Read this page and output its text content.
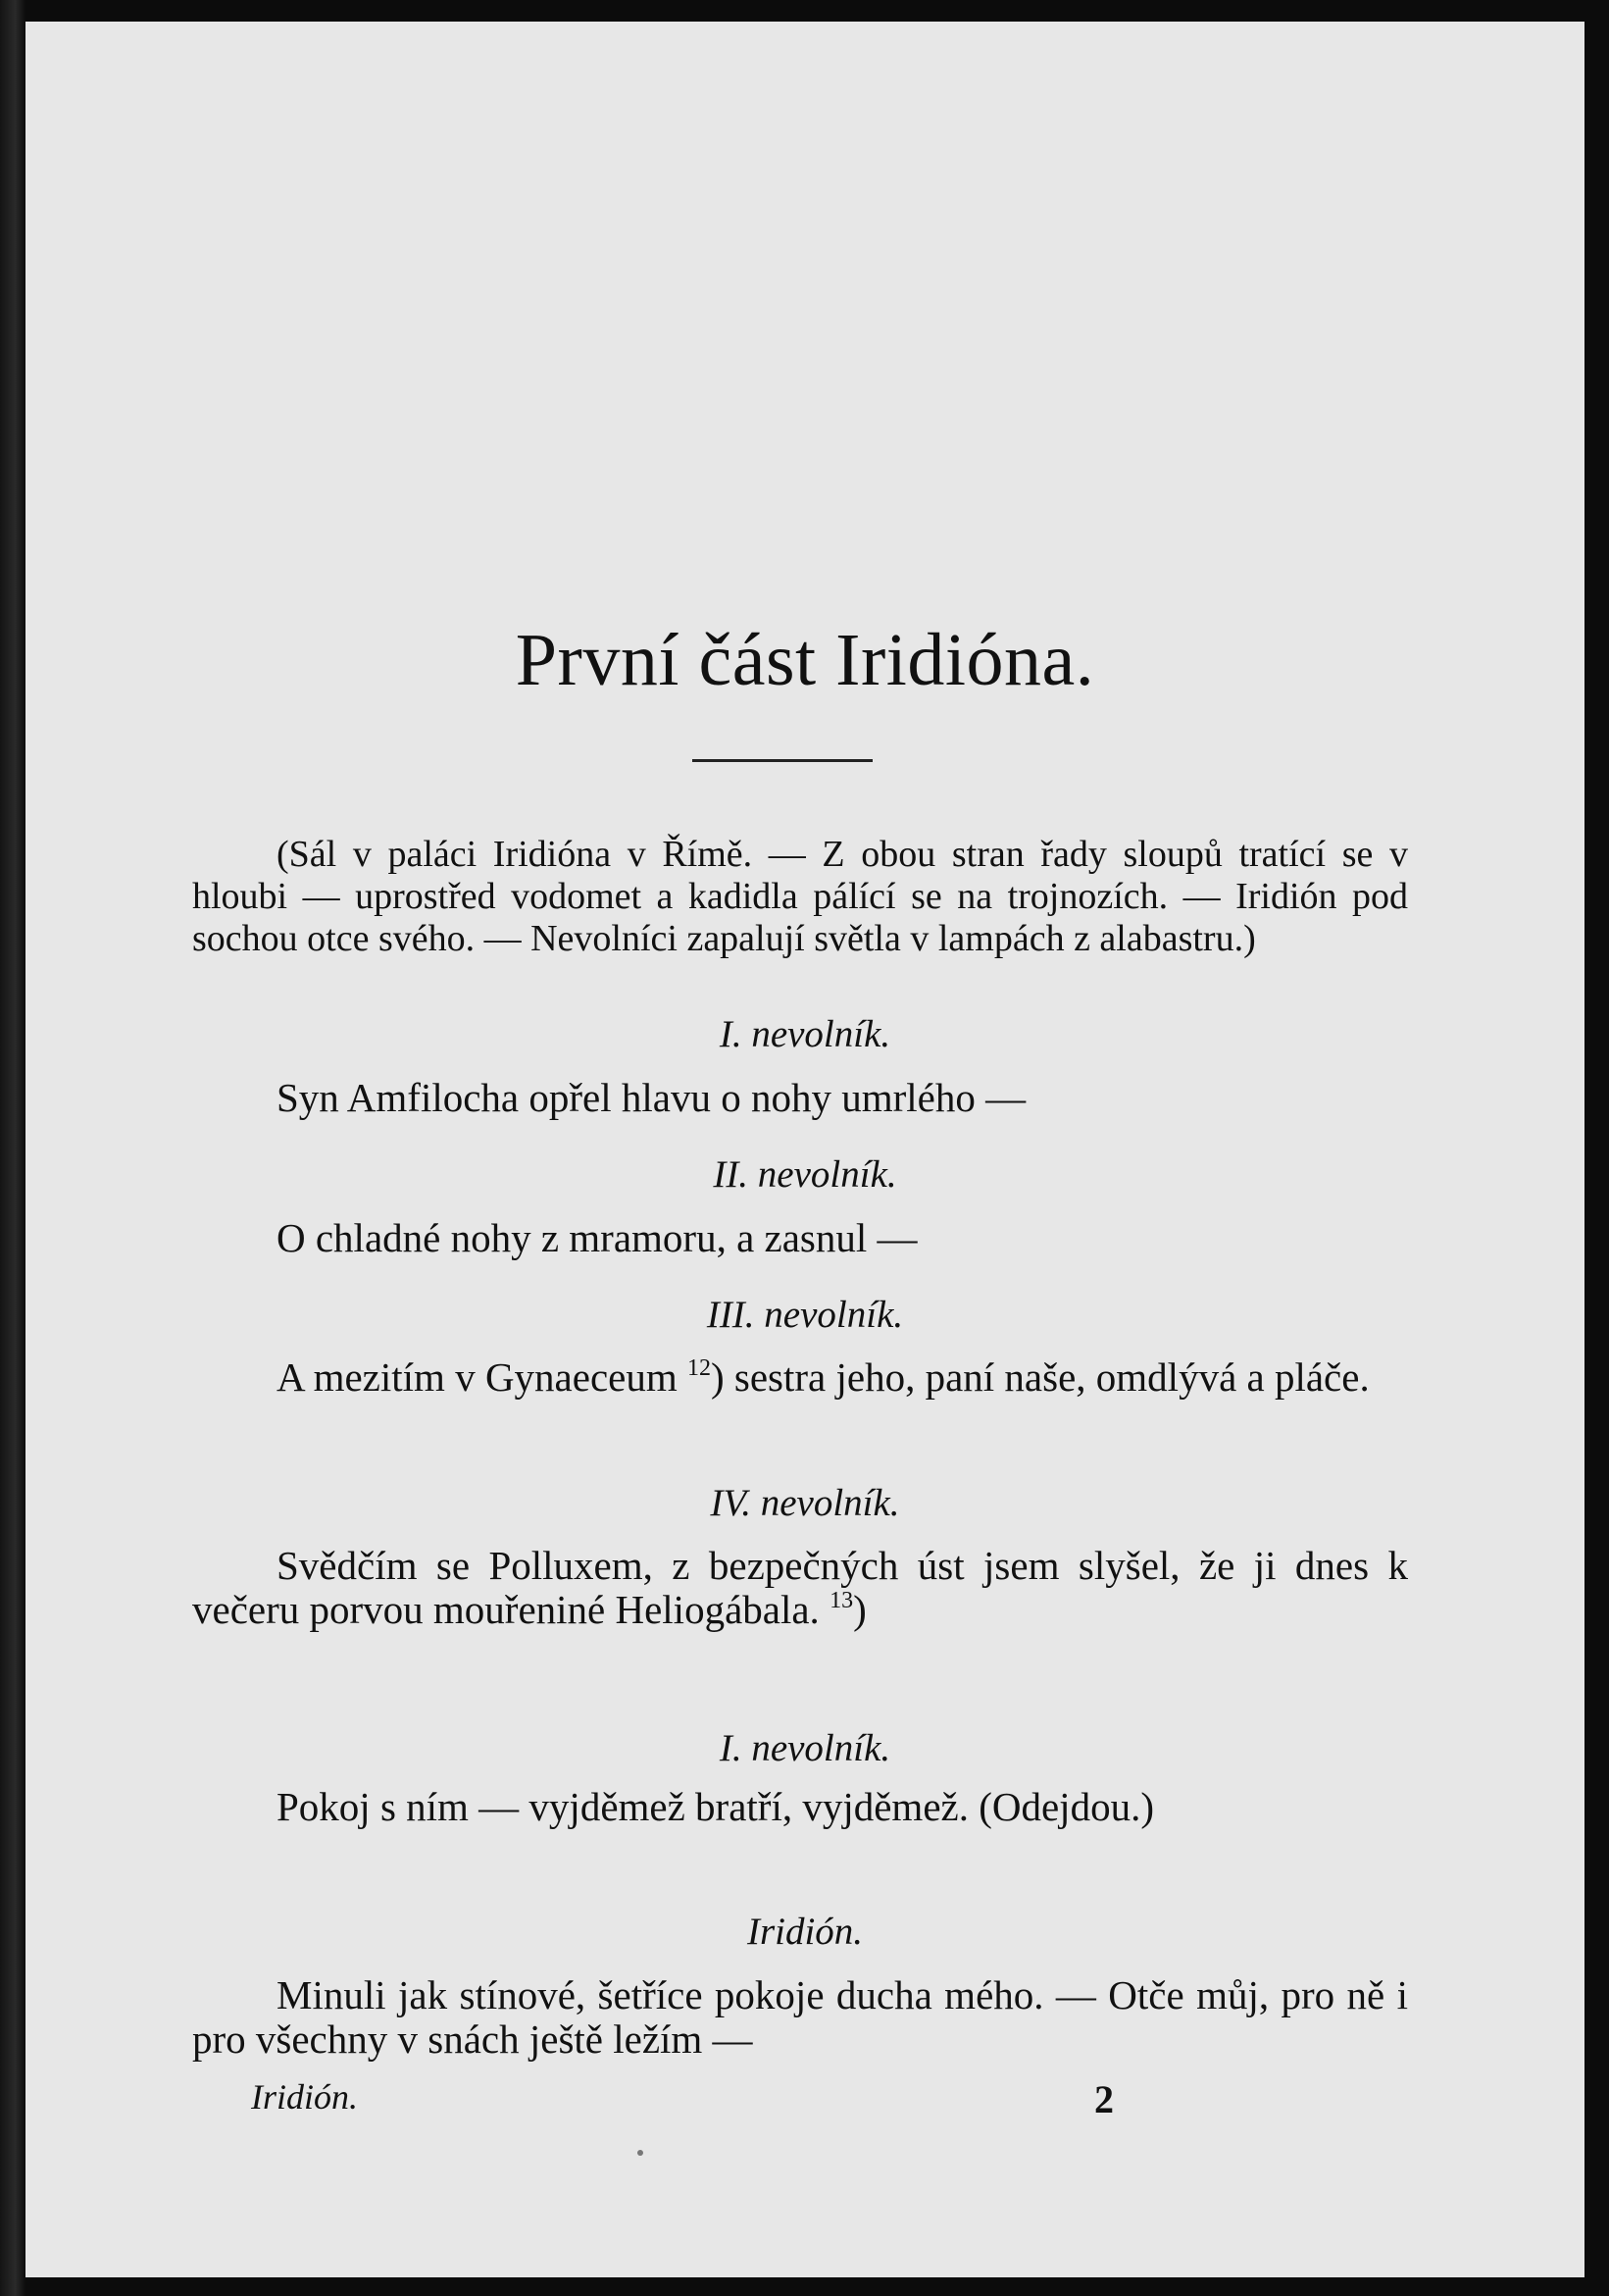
První část Iridióna.
(Sál v paláci Iridióna v Římě. — Z obou stran řady sloupů tratící se v hloubi — uprostřed vodomet a kadidla pálící se na trojnozích. — Iridión pod sochou otce svého. — Nevolníci zapalují světla v lampách z alabastru.)
I. nevolník.
Syn Amfilocha opřel hlavu o nohy umrlého —
II. nevolník.
O chladné nohy z mramoru, a zasnul —
III. nevolník.
A mezitím v Gynaeceum $^{12}$) sestra jeho, paní naše, omdlývá a pláče.
IV. nevolník.
Svědčím se Polluxem, z bezpečných úst jsem slyšel, že ji dnes k večeru porvou mouřeniné Heliogábala. $^{13}$)
I. nevolník.
Pokoj s ním — vyjděmež bratří, vyjděmež. (Odejdou.)
Iridión.
Minuli jak stínové, šetříce pokoje ducha mého. — Otče můj, pro ně i pro všechny v snách ještě ležím —
Iridión.	2
